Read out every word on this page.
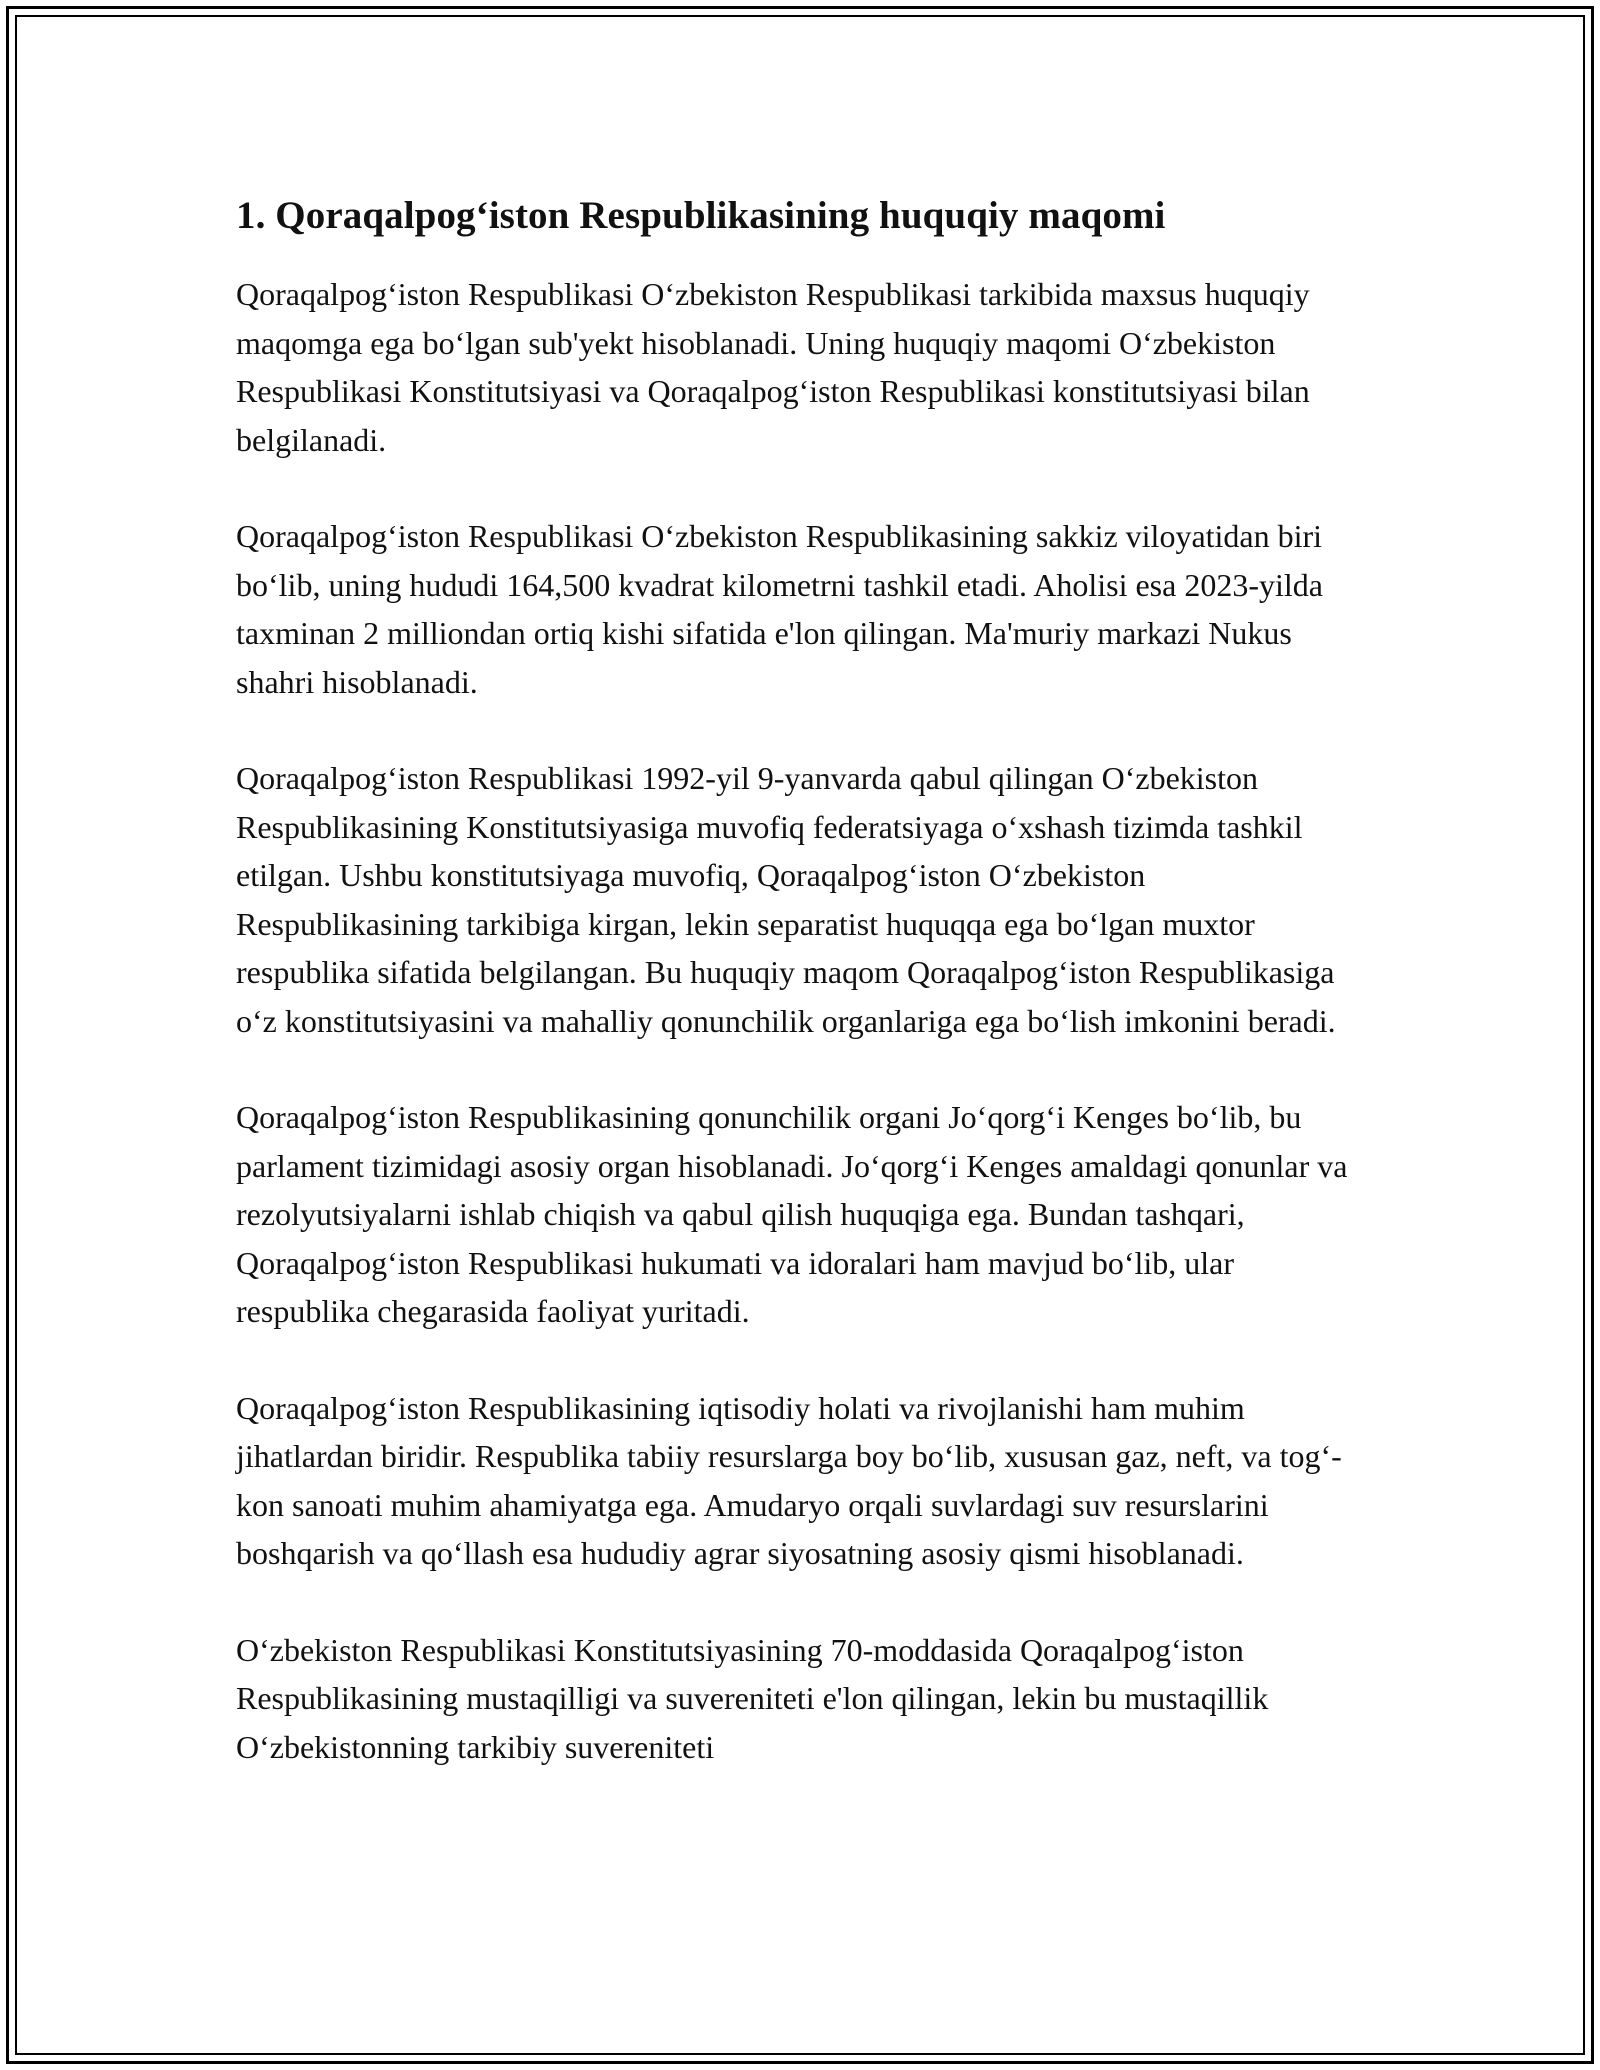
1. Qoraqalpog‘iston Respublikasining huquqiy maqomi

Qoraqalpog‘iston Respublikasi O‘zbekiston Respublikasi tarkibida maxsus huquqiy maqomga ega bo‘lgan sub'yekt hisoblanadi. Uning huquqiy maqomi O‘zbekiston Respublikasi Konstitutsiyasi va Qoraqalpog‘iston Respublikasi konstitutsiyasi bilan belgilanadi.

Qoraqalpog‘iston Respublikasi O‘zbekiston Respublikasining sakkiz viloyatidan biri bo‘lib, uning hududi 164,500 kvadrat kilometrni tashkil etadi. Aholisi esa 2023-yilda taxminan 2 milliondan ortiq kishi sifatida e'lon qilingan. Ma'muriy markazi Nukus shahri hisoblanadi.

Qoraqalpog‘iston Respublikasi 1992-yil 9-yanvarda qabul qilingan O‘zbekiston Respublikasining Konstitutsiyasiga muvofiq federatsiyaga o‘xshash tizimda tashkil etilgan. Ushbu konstitutsiyaga muvofiq, Qoraqalpog‘iston O‘zbekiston Respublikasining tarkibiga kirgan, lekin separatist huquqqa ega bo‘lgan muxtor respublika sifatida belgilangan. Bu huquqiy maqom Qoraqalpog‘iston Respublikasiga o‘z konstitutsiyasini va mahalliy qonunchilik organlariga ega bo‘lish imkonini beradi.

Qoraqalpog‘iston Respublikasining qonunchilik organi Jo‘qorg‘i Kenges bo‘lib, bu parlament tizimidagi asosiy organ hisoblanadi. Jo‘qorg‘i Kenges amaldagi qonunlar va rezolyutsiyalarni ishlab chiqish va qabul qilish huquqiga ega. Bundan tashqari, Qoraqalpog‘iston Respublikasi hukumati va idoralari ham mavjud bo‘lib, ular respublika chegarasida faoliyat yuritadi.

Qoraqalpog‘iston Respublikasining iqtisodiy holati va rivojlanishi ham muhim jihatlardan biridir. Respublika tabiiy resurslarga boy bo‘lib, xususan gaz, neft, va tog‘-kon sanoati muhim ahamiyatga ega. Amudaryo orqali suvlardagi suv resurslarini boshqarish va qo‘llash esa hududiy agrar siyosatning asosiy qismi hisoblanadi.

O‘zbekiston Respublikasi Konstitutsiyasining 70-moddasida Qoraqalpog‘iston Respublikasining mustaqilligi va suvereniteti e'lon qilingan, lekin bu mustaqillik O‘zbekistonning tarkibiy suvereniteti
